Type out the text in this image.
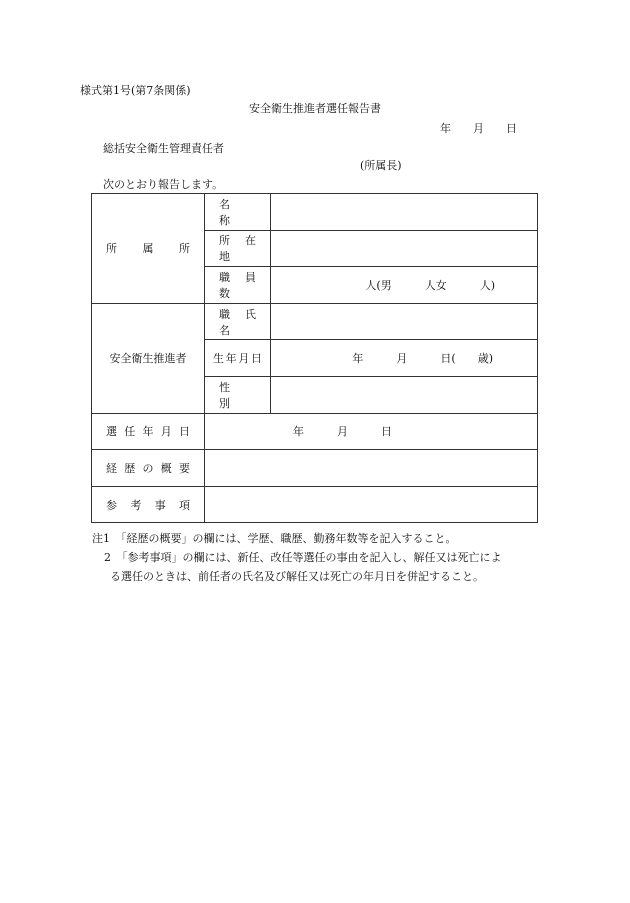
様式第1号(第7条関係)
安全衛生推進者選任報告書
年 月 日
総括安全衛生管理責任者
(所属長)
次のとおり報告します。
所　属　所	名　　称	
	所 在 地	
	職 員 数	人(男　　　人女　　　人)
安全衛生推進者	職 氏 名	
	生年月日	年　　　月　　　日(　　歳)
	性　　別	
選 任 年 月 日	年　　　月　　　日	
経 歴 の 概 要		
参　考　事　項		
注1　「経歴の概要」の欄には、学歴、職歴、勤務年数等を記入すること。
2　「参考事項」の欄には、新任、改任等選任の事由を記入し、解任又は死亡によ
る選任のときは、前任者の氏名及び解任又は死亡の年月日を併記すること。
